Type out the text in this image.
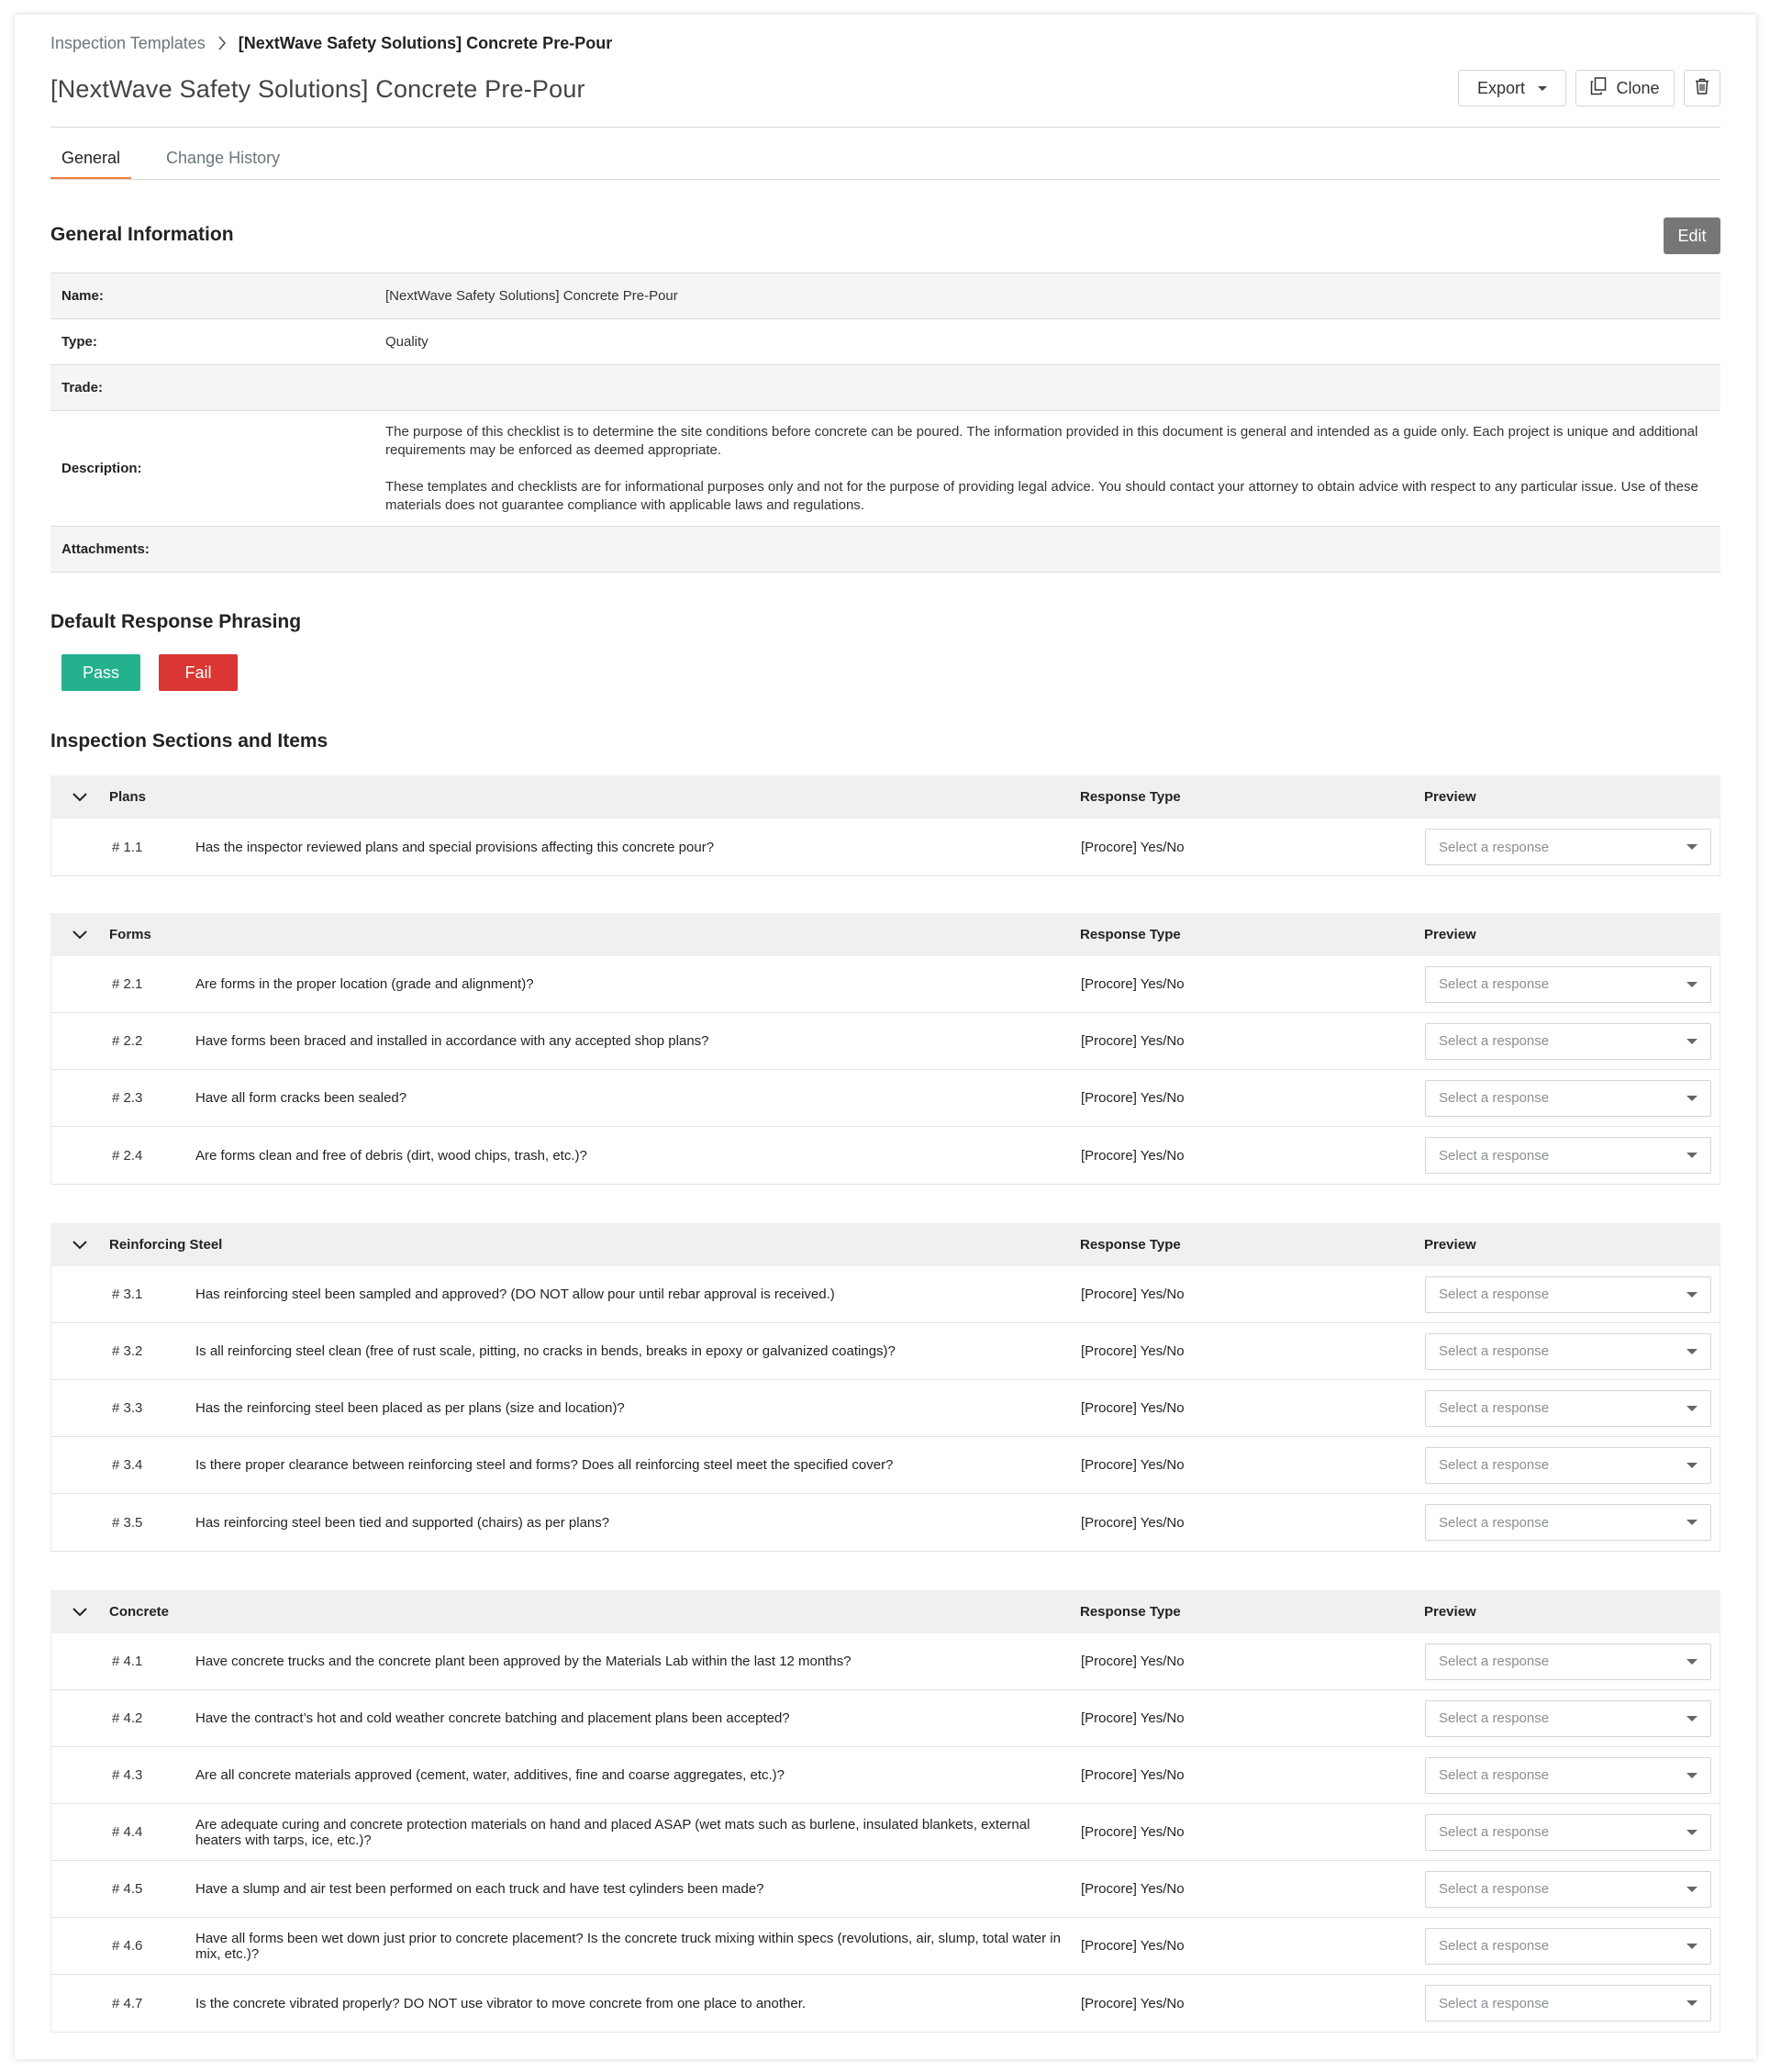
Inspection Templates [NextWave Safety Solutions] Concrete Pre-Pour
[NextWave Safety Solutions] Concrete Pre-Pour	Export	Clone
General	Change History
General Information	Edit
Name:	[NextWave Safety Solutions] Concrete Pre-Pour
Type:	Quality
Trade:
Description:

The purpose of this checklist is to determine the site conditions before concrete can be poured. The information provided in this document is general and intended as a guide only. Each project is unique and additional requirements may be enforced as deemed appropriate.

These templates and checklists are for informational purposes only and not for the purpose of providing legal advice. You should contact your attorney to obtain advice with respect to any particular issue. Use of these materials does not guarantee compliance with applicable laws and regulations.

Attachments:
Default Response Phrasing
Pass	Fail
Inspection Sections and Items
Plans	Response Type	Preview
# 1.1	Has the inspector reviewed plans and special provisions affecting this concrete pour?	[Procore] Yes/No	Select a response
Forms	Response Type	Preview
# 2.1	Are forms in the proper location (grade and alignment)?	[Procore] Yes/No	Select a response
# 2.2	Have forms been braced and installed in accordance with any accepted shop plans?	[Procore] Yes/No	Select a response
# 2.3	Have all form cracks been sealed?	[Procore] Yes/No	Select a response
# 2.4	Are forms clean and free of debris (dirt, wood chips, trash, etc.)?	[Procore] Yes/No	Select a response
Reinforcing Steel	Response Type	Preview
# 3.1	Has reinforcing steel been sampled and approved? (DO NOT allow pour until rebar approval is received.)	[Procore] Yes/No	Select a response
# 3.2	Is all reinforcing steel clean (free of rust scale, pitting, no cracks in bends, breaks in epoxy or galvanized coatings)?	[Procore] Yes/No	Select a response
# 3.3	Has the reinforcing steel been placed as per plans (size and location)?	[Procore] Yes/No	Select a response
# 3.4	Is there proper clearance between reinforcing steel and forms? Does all reinforcing steel meet the specified cover?	[Procore] Yes/No	Select a response
# 3.5	Has reinforcing steel been tied and supported (chairs) as per plans?	[Procore] Yes/No	Select a response
Concrete	Response Type	Preview
# 4.1	Have concrete trucks and the concrete plant been approved by the Materials Lab within the last 12 months?	[Procore] Yes/No	Select a response
# 4.2	Have the contract’s hot and cold weather concrete batching and placement plans been accepted?	[Procore] Yes/No	Select a response
# 4.3	Are all concrete materials approved (cement, water, additives, fine and coarse aggregates, etc.)?	[Procore] Yes/No	Select a response
# 4.4	Are adequate curing and concrete protection materials on hand and placed ASAP (wet mats such as burlene, insulated blankets, external heaters with tarps, ice, etc.)?	[Procore] Yes/No	Select a response
# 4.5	Have a slump and air test been performed on each truck and have test cylinders been made?	[Procore] Yes/No	Select a response
# 4.6	Have all forms been wet down just prior to concrete placement? Is the concrete truck mixing within specs (revolutions, air, slump, total water in mix, etc.)?	[Procore] Yes/No	Select a response
# 4.7	Is the concrete vibrated properly? DO NOT use vibrator to move concrete from one place to another.	[Procore] Yes/No	Select a response
